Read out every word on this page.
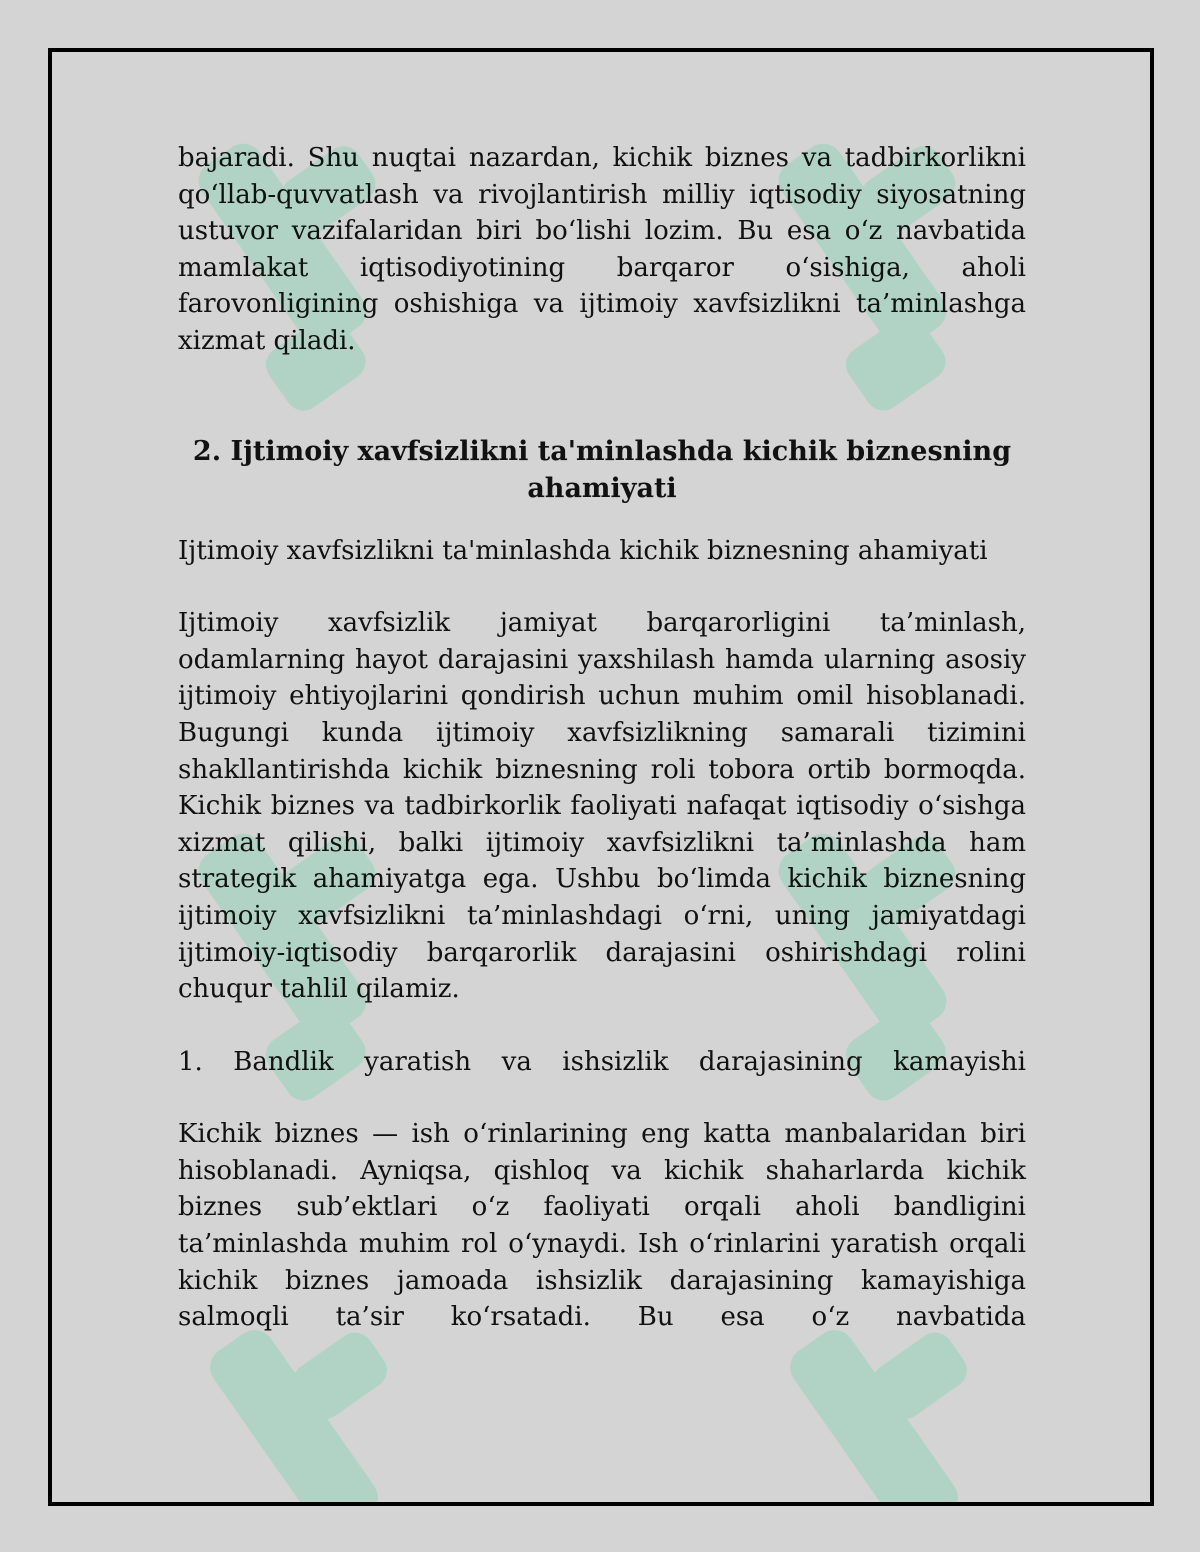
bajaradi. Shu nuqtai nazardan, kichik biznes va tadbirkorlikni qo‘llab-quvvatlash va rivojlantirish milliy iqtisodiy siyosatning ustuvor vazifalaridan biri bo‘lishi lozim. Bu esa o‘z navbatida mamlakat iqtisodiyotining barqaror o‘sishiga, aholi farovonligining oshishiga va ijtimoiy xavfsizlikni ta’minlashga xizmat qiladi.

2. Ijtimoiy xavfsizlikni ta'minlashda kichik biznesning ahamiyati

Ijtimoiy xavfsizlikni ta'minlashda kichik biznesning ahamiyati

Ijtimoiy xavfsizlik jamiyat barqarorligini ta’minlash, odamlarning hayot darajasini yaxshilash hamda ularning asosiy ijtimoiy ehtiyojlarini qondirish uchun muhim omil hisoblanadi. Bugungi kunda ijtimoiy xavfsizlikning samarali tizimini shakllantirishda kichik biznesning roli tobora ortib bormoqda. Kichik biznes va tadbirkorlik faoliyati nafaqat iqtisodiy o‘sishga xizmat qilishi, balki ijtimoiy xavfsizlikni ta’minlashda ham strategik ahamiyatga ega. Ushbu bo‘limda kichik biznesning ijtimoiy xavfsizlikni ta’minlashdagi o‘rni, uning jamiyatdagi ijtimoiy-iqtisodiy barqarorlik darajasini oshirishdagi rolini chuqur tahlil qilamiz.

1. Bandlik yaratish va ishsizlik darajasining kamayishi

Kichik biznes — ish o‘rinlarining eng katta manbalaridan biri hisoblanadi. Ayniqsa, qishloq va kichik shaharlarda kichik biznes sub’ektlari o‘z faoliyati orqali aholi bandligini ta’minlashda muhim rol o‘ynaydi. Ish o‘rinlarini yaratish orqali kichik biznes jamoada ishsizlik darajasining kamayishiga salmoqli ta’sir ko‘rsatadi. Bu esa o‘z navbatida
